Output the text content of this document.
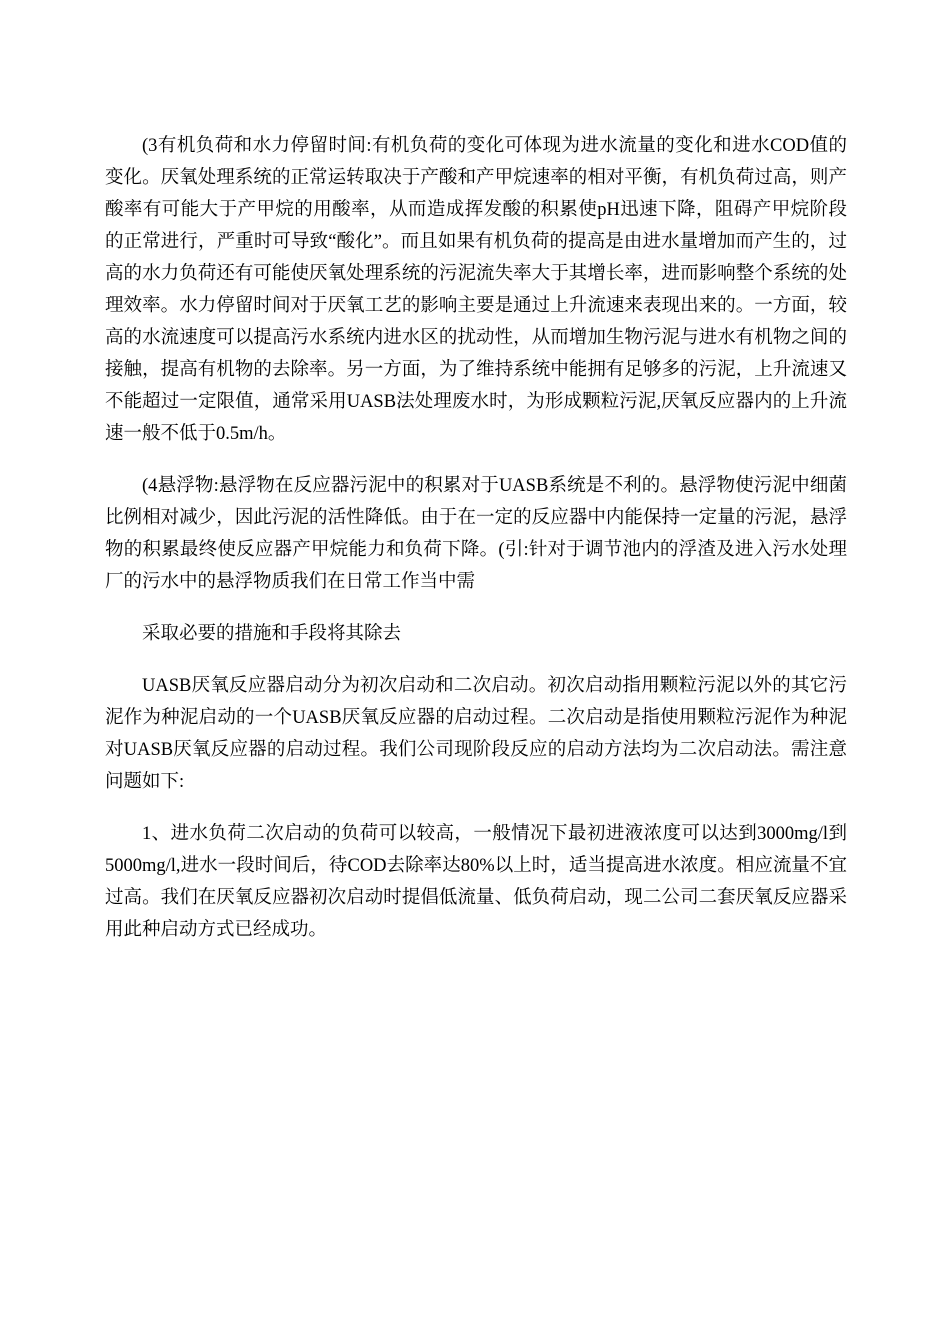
(3有机负荷和水力停留时间:有机负荷的变化可体现为进水流量的变化和进水COD值的变化。厌氧处理系统的正常运转取决于产酸和产甲烷速率的相对平衡，有机负荷过高，则产酸率有可能大于产甲烷的用酸率，从而造成挥发酸的积累使pH迅速下降，阻碍产甲烷阶段的正常进行，严重时可导致“酸化”。而且如果有机负荷的提高是由进水量增加而产生的，过高的水力负荷还有可能使厌氧处理系统的污泥流失率大于其增长率，进而影响整个系统的处理效率。水力停留时间对于厌氧工艺的影响主要是通过上升流速来表现出来的。一方面，较高的水流速度可以提高污水系统内进水区的扰动性，从而增加生物污泥与进水有机物之间的接触，提高有机物的去除率。另一方面，为了维持系统中能拥有足够多的污泥，上升流速又不能超过一定限值，通常采用UASB法处理废水时，为形成颗粒污泥,厌氧反应器内的上升流速一般不低于0.5m/h。

(4悬浮物:悬浮物在反应器污泥中的积累对于UASB系统是不利的。悬浮物使污泥中细菌比例相对减少，因此污泥的活性降低。由于在一定的反应器中内能保持一定量的污泥，悬浮物的积累最终使反应器产甲烷能力和负荷下降。(引:针对于调节池内的浮渣及进入污水处理厂的污水中的悬浮物质我们在日常工作当中需

采取必要的措施和手段将其除去

UASB厌氧反应器启动分为初次启动和二次启动。初次启动指用颗粒污泥以外的其它污泥作为种泥启动的一个UASB厌氧反应器的启动过程。二次启动是指使用颗粒污泥作为种泥对UASB厌氧反应器的启动过程。我们公司现阶段反应的启动方法均为二次启动法。需注意问题如下:

1、进水负荷二次启动的负荷可以较高，一般情况下最初进液浓度可以达到3000mg/l到5000mg/l,进水一段时间后，待COD去除率达80%以上时，适当提高进水浓度。相应流量不宜过高。我们在厌氧反应器初次启动时提倡低流量、低负荷启动，现二公司二套厌氧反应器采用此种启动方式已经成功。
